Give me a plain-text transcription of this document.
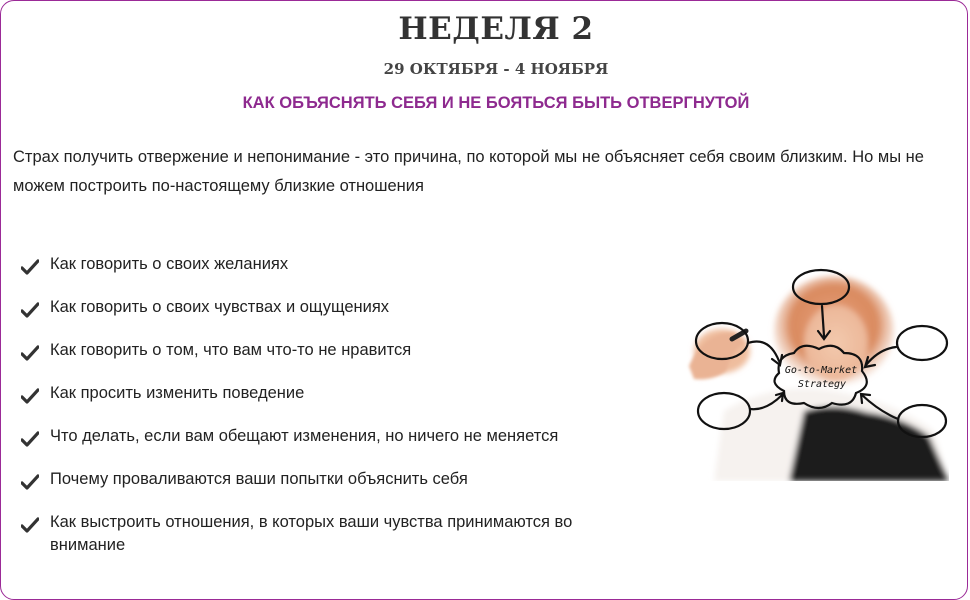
НЕДЕЛЯ 2
29 ОКТЯБРЯ - 4 НОЯБРЯ
КАК ОБЪЯСНЯТЬ СЕБЯ И НЕ БОЯТЬСЯ БЫТЬ ОТВЕРГНУТОЙ
Страх получить отвержение и непонимание - это причина, по которой мы не объясняет себя своим близким. Но мы не можем построить по-настоящему близкие отношения
Как говорить о своих желаниях
Как говорить о своих чувствах и ощущениях
Как говорить о том, что вам что-то не нравится
Как просить изменить поведение
Что делать, если вам обещают изменения, но ничего не меняется
Почему проваливаются ваши попытки объяснить себя
Как выстроить отношения, в которых ваши чувства принимаются во внимание
Go-to-Market
Strategy
